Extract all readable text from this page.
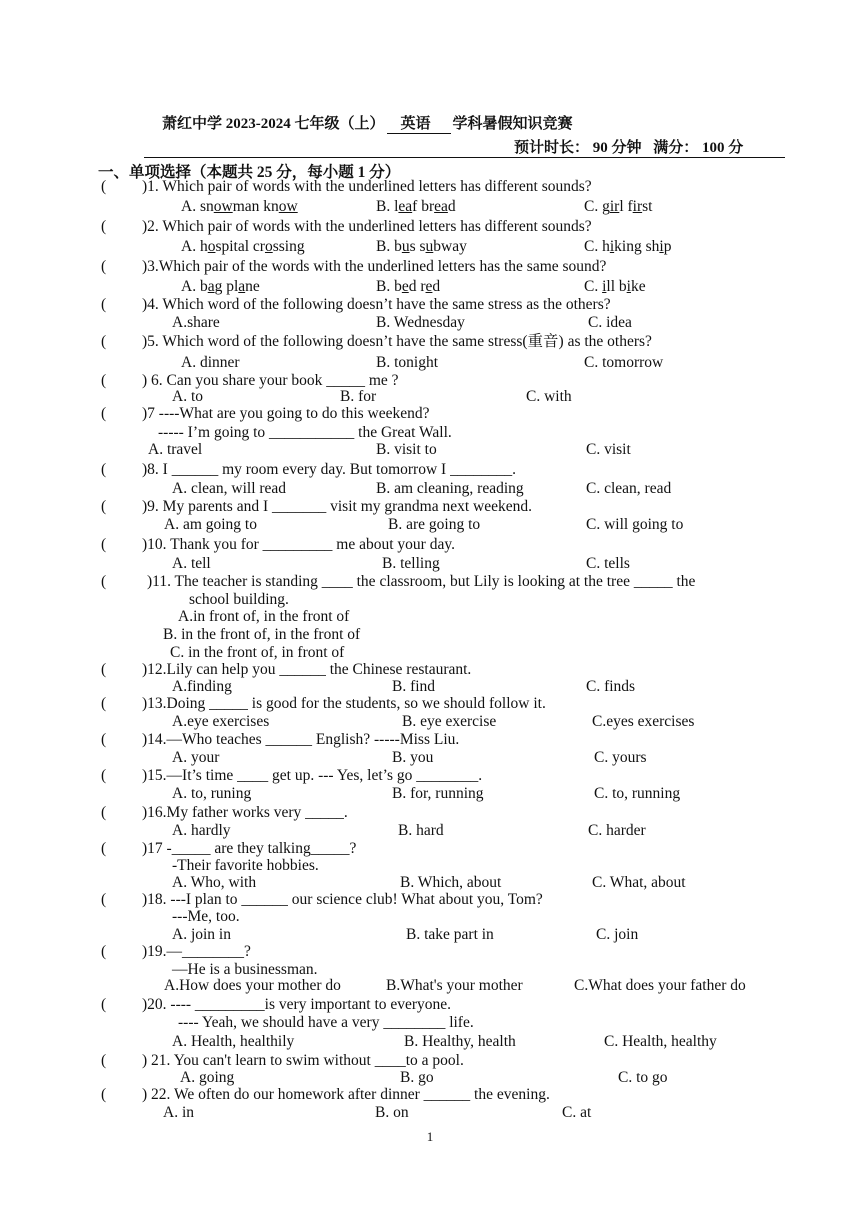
萧红中学 2023-2024 七年级（上） 英语 学科暑假知识竞赛
预计时长： 90 分钟 满分： 100 分
一、单项选择（本题共 25 分，每小题 1 分）
( )1. Which pair of words with the underlined letters has different sounds?
A. snowman know	B. leaf bread	C. girl first
( )2. Which pair of words with the underlined letters has different sounds?
A. hospital crossing	B. bus subway	C. hiking ship
( )3.Which pair of the words with the underlined letters has the same sound?
A. bag plane	B. bed red	C. ill bike
( )4. Which word of the following doesn’t have the same stress as the others?
A.share	B. Wednesday	C. idea
( )5. Which word of the following doesn’t have the same stress(重音) as the others?
A. dinner	B. tonight	C. tomorrow
( ) 6. Can you share your book _____ me ?
A. to	B. for	C. with
( )7 ----What are you going to do this weekend?
----- I’m going to ___________ the Great Wall.
A. travel	B. visit to	C. visit
( )8. I ______ my room every day. But tomorrow I ________.
A. clean, will read	B. am cleaning, reading	C. clean, read
( )9. My parents and I _______ visit my grandma next weekend.
A. am going to	B. are going to	C. will going to
( )10. Thank you for _________ me about your day.
A. tell	B. telling	C. tells
(	)11. The teacher is standing ____ the classroom, but Lily is looking at the tree _____ the
school building.
A.in front of, in the front of
B. in the front of, in the front of
C. in the front of, in front of
( )12.Lily can help you ______ the Chinese restaurant.
A.finding	B. find	C. finds
( )13.Doing _____ is good for the students, so we should follow it.
A.eye exercises	B. eye exercise	C.eyes exercises
( )14.—Who teaches ______ English? -----Miss Liu.
A. your	B. you	C. yours
( )15.—It’s time ____ get up. --- Yes, let’s go ________.
A. to, runing	B. for, running	C. to, running
( )16.My father works very _____.
A. hardly	B. hard	C. harder
( )17 -_____ are they talking_____?
-Their favorite hobbies.
A. Who, with	B. Which, about	C. What, about
( )18. ---I plan to ______ our science club! What about you, Tom?
---Me, too.
A. join in	B. take part in	C. join
( )19.—________?
—He is a businessman.
A.How does your mother do	B.What's your mother	C.What does your father do
( )20. ---- _________is very important to everyone.
---- Yeah, we should have a very ________ life.
A. Health, healthily	B. Healthy, health	C. Health, healthy
( ) 21. You can't learn to swim without ____to a pool.
A. going	B. go	C. to go
( ) 22. We often do our homework after dinner ______ the evening.
A. in	B. on	C. at
1
